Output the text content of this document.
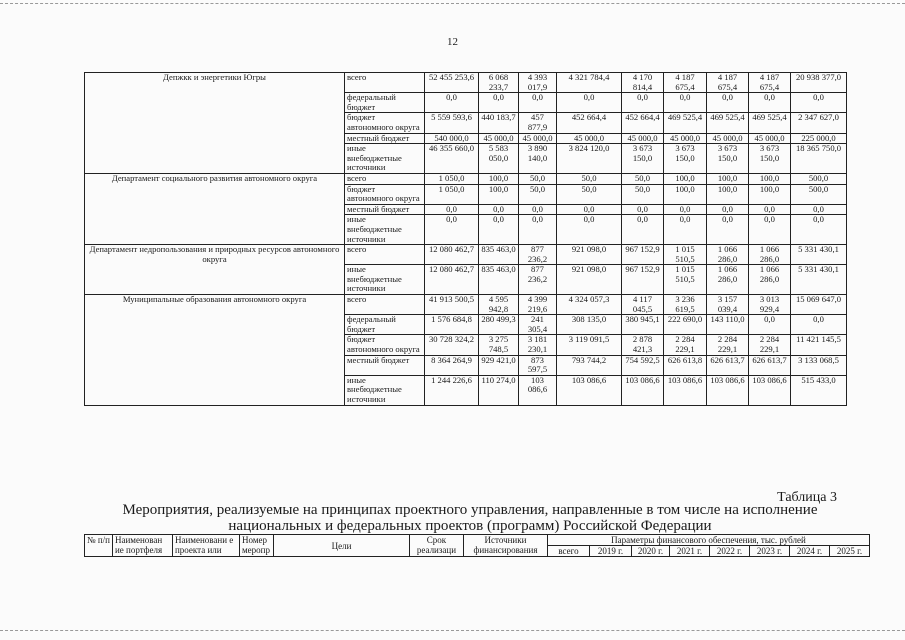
12
Депжкк и энергетики Югры	всего	52 455 253,6	6 068 233,7	4 393 017,9	4 321 784,4	4 170 814,4	4 187 675,4	4 187 675,4	4 187 675,4	20 938 377,0
	федеральный бюджет	0,0	0,0	0,0	0,0	0,0	0,0	0,0	0,0	0,0
	бюджет автономного округа	5 559 593,6	440 183,7	457 877,9	452 664,4	452 664,4	469 525,4	469 525,4	469 525,4	2 347 627,0
	местный бюджет	540 000,0	45 000,0	45 000,0	45 000,0	45 000,0	45 000,0	45 000,0	45 000,0	225 000,0
	иные внебюджетные источники	46 355 660,0	5 583 050,0	3 890 140,0	3 824 120,0	3 673 150,0	3 673 150,0	3 673 150,0	3 673 150,0	18 365 750,0
Департамент социального развития автономного округа	всего	1 050,0	100,0	50,0	50,0	50,0	100,0	100,0	100,0	500,0
	бюджет автономного округа	1 050,0	100,0	50,0	50,0	50,0	100,0	100,0	100,0	500,0
	местный бюджет	0,0	0,0	0,0	0,0	0,0	0,0	0,0	0,0	0,0
	иные внебюджетные источники	0,0	0,0	0,0	0,0	0,0	0,0	0,0	0,0	0,0
Департамент недропользования и природных ресурсов автономного округа	всего	12 080 462,7	835 463,0	877 236,2	921 098,0	967 152,9	1 015 510,5	1 066 286,0	1 066 286,0	5 331 430,1
	иные внебюджетные источники	12 080 462,7	835 463,0	877 236,2	921 098,0	967 152,9	1 015 510,5	1 066 286,0	1 066 286,0	5 331 430,1
Муниципальные образования автономного округа	всего	41 913 500,5	4 595 942,8	4 399 219,6	4 324 057,3	4 117 045,5	3 236 619,5	3 157 039,4	3 013 929,4	15 069 647,0
	федеральный бюджет	1 576 684,8	280 499,3	241 305,4	308 135,0	380 945,1	222 690,0	143 110,0	0,0	0,0
	бюджет автономного округа	30 728 324,2	3 275 748,5	3 181 230,1	3 119 091,5	2 878 421,3	2 284 229,1	2 284 229,1	2 284 229,1	11 421 145,5
	местный бюджет	8 364 264,9	929 421,0	873 597,5	793 744,2	754 592,5	626 613,8	626 613,7	626 613,7	3 133 068,5
	иные внебюджетные источники	1 244 226,6	110 274,0	103 086,6	103 086,6	103 086,6	103 086,6	103 086,6	103 086,6	515 433,0
Таблица 3
Мероприятия, реализуемые на принципах проектного управления, направленные в том числе на исполнение национальных и федеральных проектов (программ) Российской Федерации
№ п/п	Наименован ие портфеля	Наименовани е проекта или	Номер меропр	Цели	Срок реализаци	Источники финансирования	Параметры финансового обеспечения, тыс. рублей							
							всего	2019 г.	2020 г.	2021 г.	2022 г.	2023 г.	2024 г.	2025 г.
